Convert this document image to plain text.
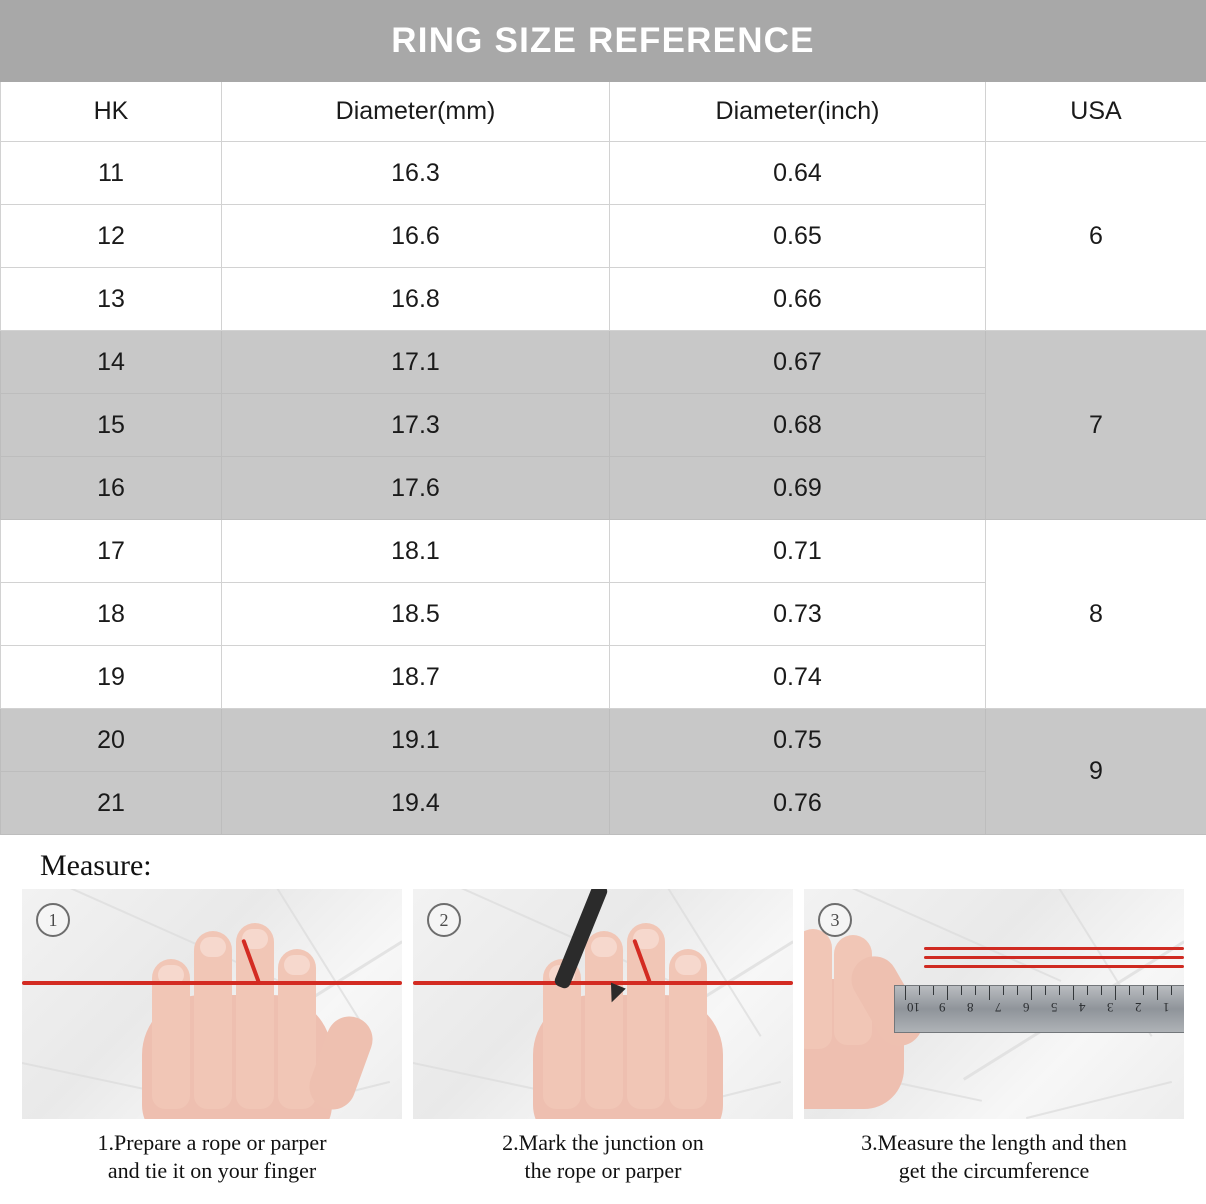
RING SIZE REFERENCE
HK	Diameter(mm)	Diameter(inch)	USA
11	16.3	0.64	6
12	16.6	0.65	
13	16.8	0.66	
14	17.1	0.67	7
15	17.3	0.68	
16	17.6	0.69	
17	18.1	0.71	8
18	18.5	0.73	
19	18.7	0.74	
20	19.1	0.75	9
21	19.4	0.76	
Measure:
1
1.Prepare a rope or parper
and tie it on your finger
2
2.Mark the junction on
the rope or parper
1
2
3
4
5
6
7
8
9
10
3
3.Measure the length and then
get the circumference
